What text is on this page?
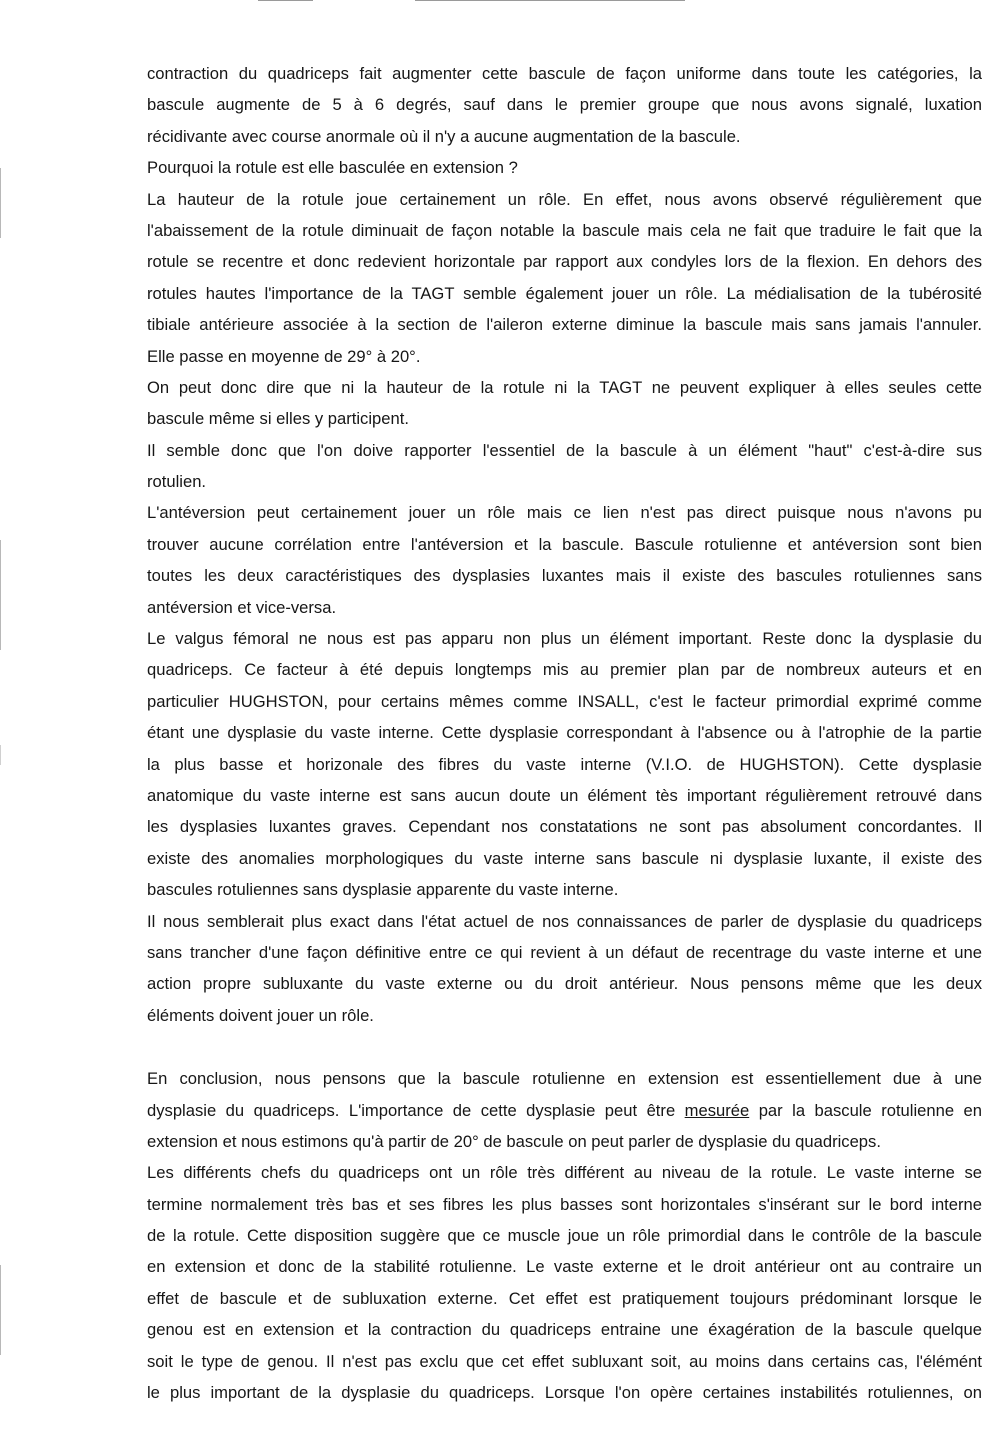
contraction du quadriceps fait augmenter cette bascule de façon uniforme dans toute les catégories, la
bascule augmente de 5 à 6 degrés, sauf dans le premier groupe que nous avons signalé, luxation
récidivante avec course anormale où il n'y a aucune augmentation de la bascule.
Pourquoi la rotule est elle basculée en extension ?
La hauteur de la rotule joue certainement un rôle. En effet, nous avons observé régulièrement que
l'abaissement de la rotule diminuait de façon notable la bascule mais cela ne fait que traduire le fait que la
rotule se recentre et donc redevient horizontale par rapport aux condyles lors de la flexion. En dehors des
rotules hautes l'importance de la TAGT semble également jouer un rôle. La médialisation de la tubérosité
tibiale antérieure associée à la section de l'aileron externe diminue la bascule mais sans jamais l'annuler.
Elle passe en moyenne de 29° à 20°.
On peut donc dire que ni la hauteur de la rotule ni la TAGT ne peuvent expliquer à elles seules cette
bascule même si elles y participent.
Il semble donc que l'on doive rapporter l'essentiel de la bascule à un élément "haut" c'est-à-dire sus
rotulien.
L'antéversion peut certainement jouer un rôle mais ce lien n'est pas direct puisque nous n'avons pu
trouver aucune corrélation entre l'antéversion et la bascule. Bascule rotulienne et antéversion sont bien
toutes les deux caractéristiques des dysplasies luxantes mais il existe des bascules rotuliennes sans
antéversion et vice-versa.
Le valgus fémoral ne nous est pas apparu non plus un élément important. Reste donc la dysplasie du
quadriceps. Ce facteur à été depuis longtemps mis au premier plan par de nombreux auteurs et en
particulier HUGHSTON, pour certains mêmes comme INSALL, c'est le facteur primordial exprimé comme
étant une dysplasie du vaste interne. Cette dysplasie correspondant à l'absence ou à l'atrophie de la partie
la plus basse et horizonale des fibres du vaste interne (V.I.O. de HUGHSTON). Cette dysplasie
anatomique du vaste interne est sans aucun doute un élément tès important régulièrement retrouvé dans
les dysplasies luxantes graves. Cependant nos constatations ne sont pas absolument concordantes. Il
existe des anomalies morphologiques du vaste interne sans bascule ni dysplasie luxante, il existe des
bascules rotuliennes sans dysplasie apparente du vaste interne.
Il nous semblerait plus exact dans l'état actuel de nos connaissances de parler de dysplasie du quadriceps
sans trancher d'une façon définitive entre ce qui revient à un défaut de recentrage du vaste interne et une
action propre subluxante du vaste externe ou du droit antérieur. Nous pensons même que les deux
éléments doivent jouer un rôle.
En conclusion, nous pensons que la bascule rotulienne en extension est essentiellement due à une
dysplasie du quadriceps. L'importance de cette dysplasie peut être mesurée par la bascule rotulienne en
extension et nous estimons qu'à partir de 20° de bascule on peut parler de dysplasie du quadriceps.
Les différents chefs du quadriceps ont un rôle très différent au niveau de la rotule. Le vaste interne se
termine normalement très bas et ses fibres les plus basses sont horizontales s'insérant sur le bord interne
de la rotule. Cette disposition suggère que ce muscle joue un rôle primordial dans le contrôle de la bascule
en extension et donc de la stabilité rotulienne. Le vaste externe et le droit antérieur ont au contraire un
effet de bascule et de subluxation externe. Cet effet est pratiquement toujours prédominant lorsque le
genou est en extension et la contraction du quadriceps entraine une éxagération de la bascule quelque
soit le type de genou. Il n'est pas exclu que cet effet subluxant soit, au moins dans certains cas, l'élémént
le plus important de la dysplasie du quadriceps. Lorsque l'on opère certaines instabilités rotuliennes, on
